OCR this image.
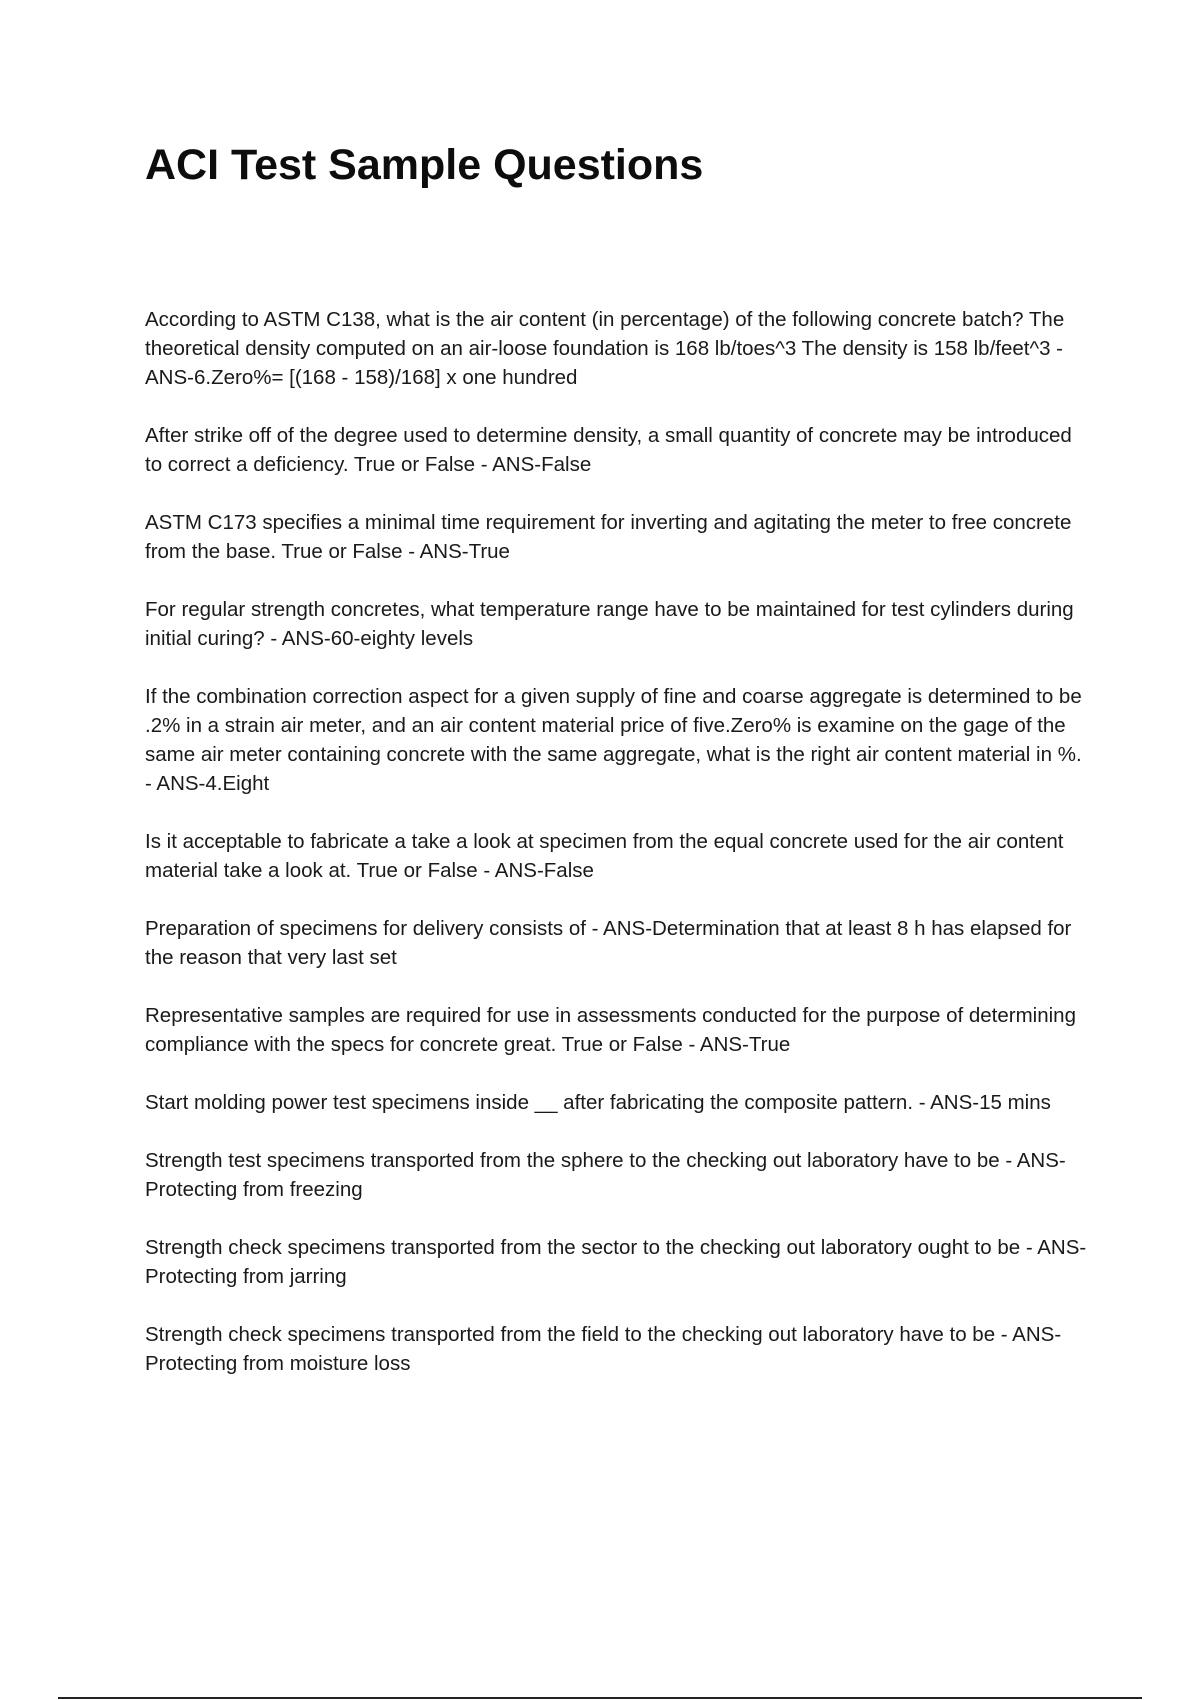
ACI Test Sample Questions
According to ASTM C138, what is the air content (in percentage) of the following concrete batch? The theoretical density computed on an air-loose foundation is 168 lb/toes^3 The density is 158 lb/feet^3 - ANS-6.Zero%= [(168 - 158)/168] x one hundred
After strike off of the degree used to determine density, a small quantity of concrete may be introduced to correct a deficiency. True or False - ANS-False
ASTM C173 specifies a minimal time requirement for inverting and agitating the meter to free concrete from the base. True or False - ANS-True
For regular strength concretes, what temperature range have to be maintained for test cylinders during initial curing? - ANS-60-eighty levels
If the combination correction aspect for a given supply of fine and coarse aggregate is determined to be .2% in a strain air meter, and an air content material price of five.Zero% is examine on the gage of the same air meter containing concrete with the same aggregate, what is the right air content material in %. - ANS-4.Eight
Is it acceptable to fabricate a take a look at specimen from the equal concrete used for the air content material take a look at. True or False - ANS-False
Preparation of specimens for delivery consists of - ANS-Determination that at least 8 h has elapsed for the reason that very last set
Representative samples are required for use in assessments conducted for the purpose of determining compliance with the specs for concrete great. True or False - ANS-True
Start molding power test specimens inside __ after fabricating the composite pattern. - ANS-15 mins
Strength test specimens transported from the sphere to the checking out laboratory have to be - ANS-Protecting from freezing
Strength check specimens transported from the sector to the checking out laboratory ought to be - ANS-Protecting from jarring
Strength check specimens transported from the field to the checking out laboratory have to be - ANS-Protecting from moisture loss
